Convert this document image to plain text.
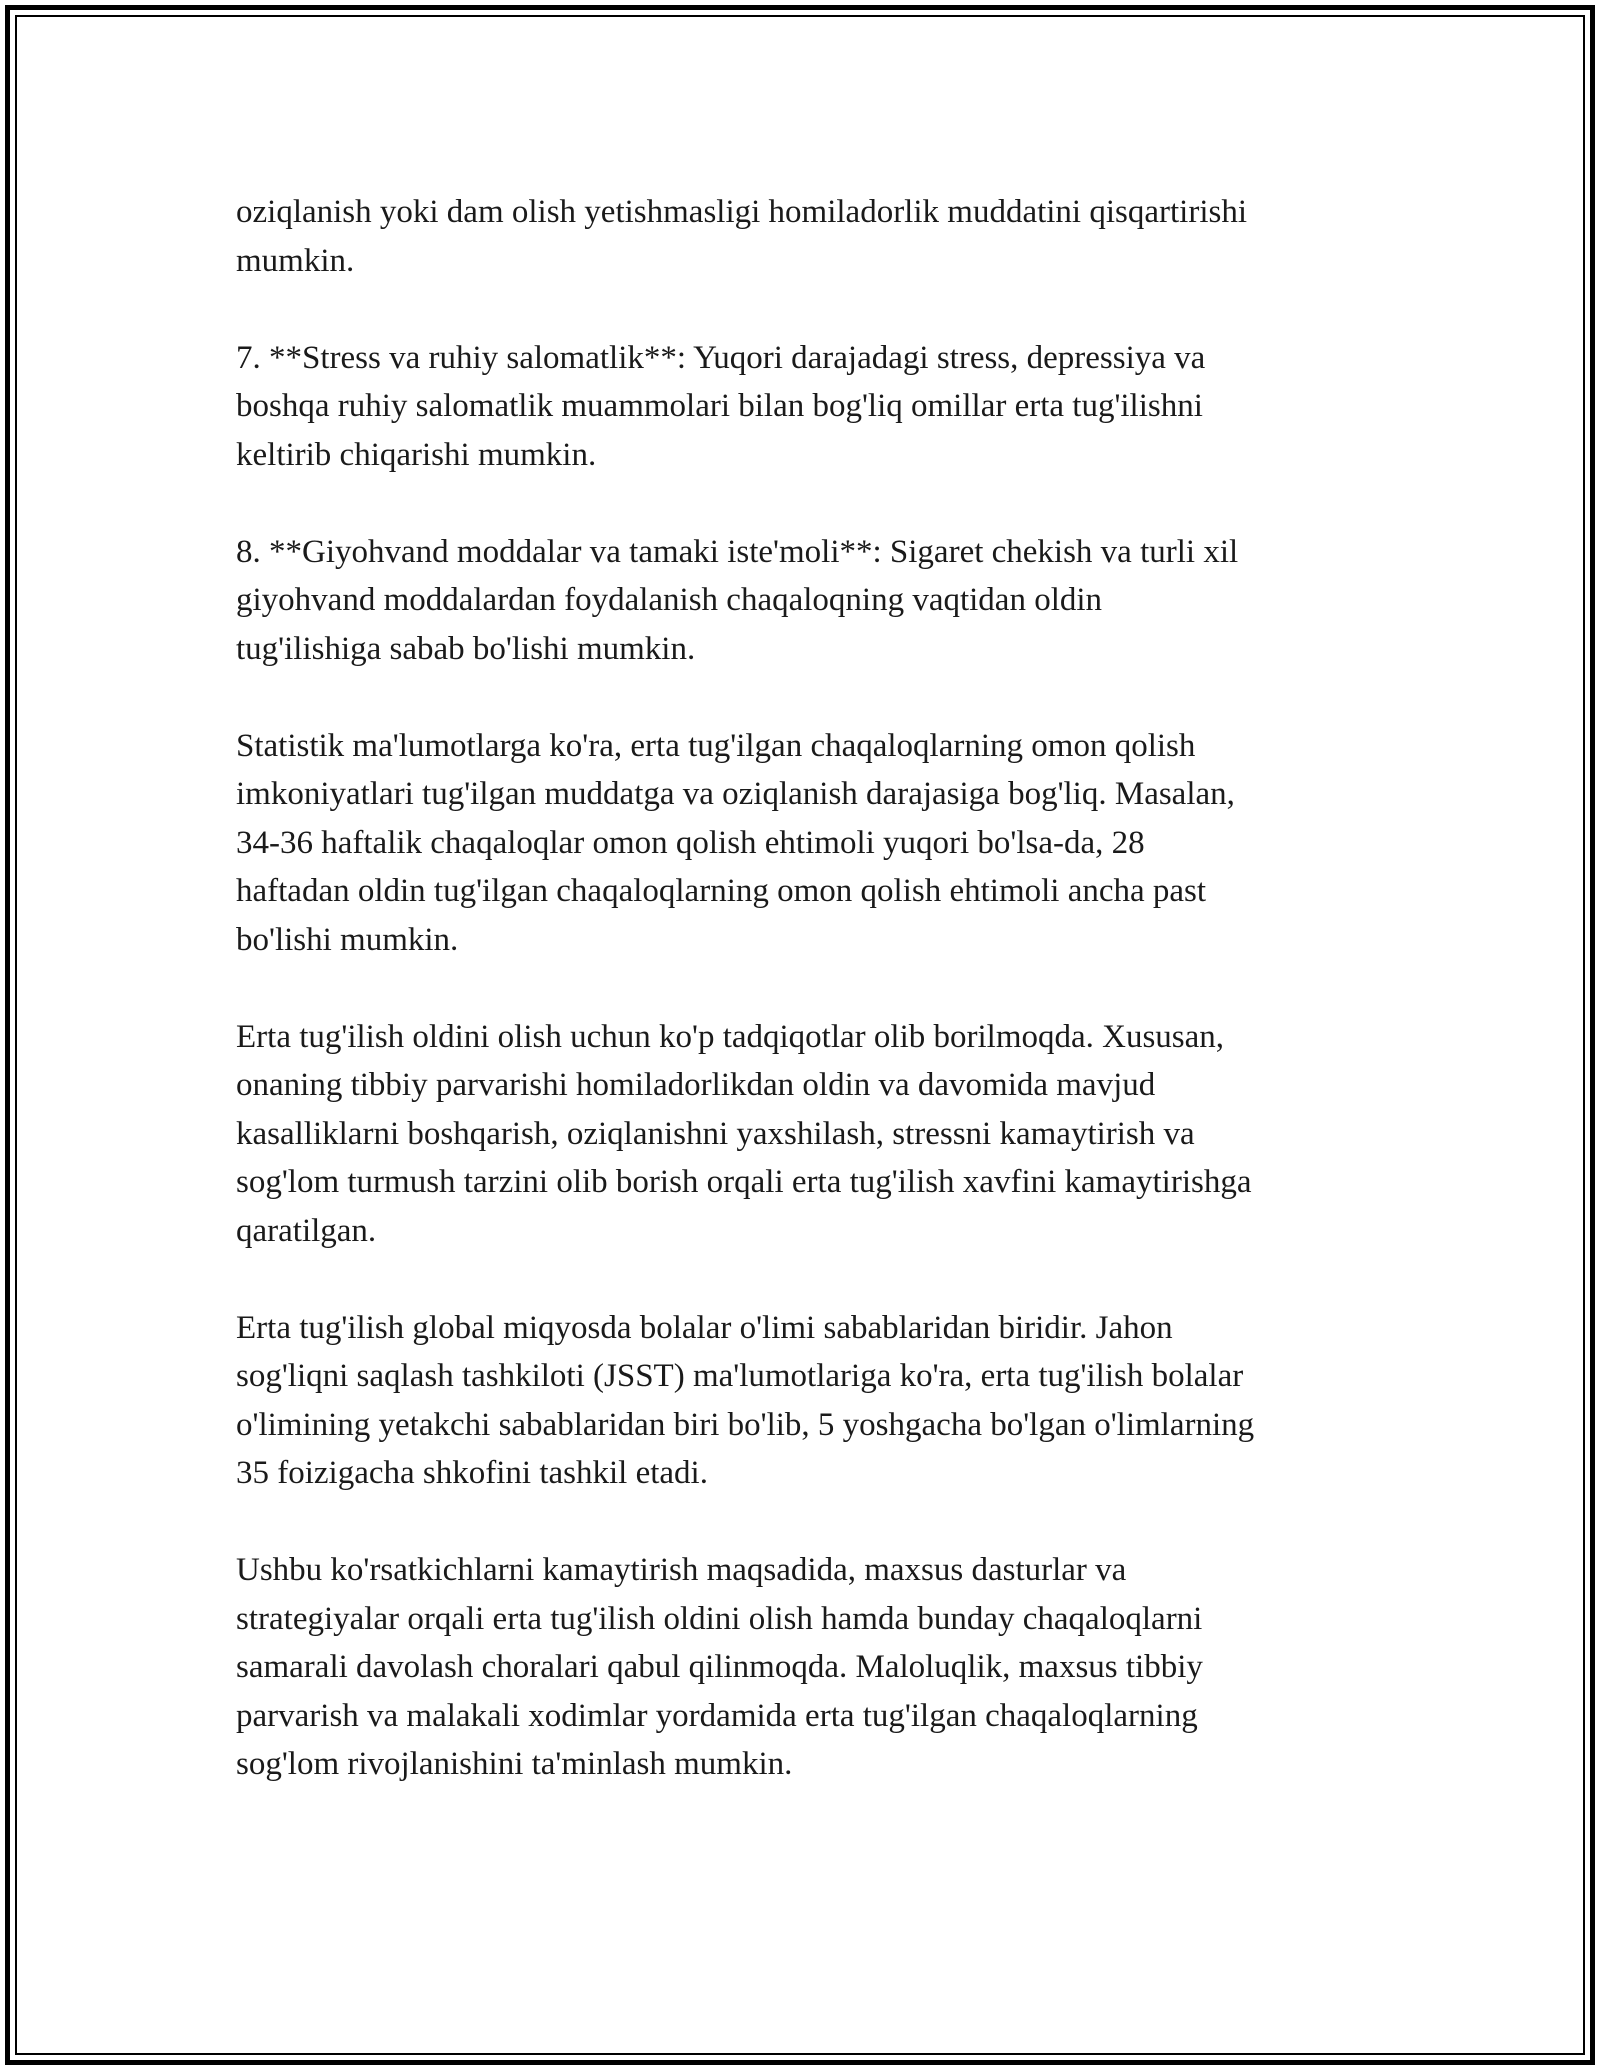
oziqlanish yoki dam olish yetishmasligi homiladorlik muddatini qisqartirishi
mumkin.

7. **Stress va ruhiy salomatlik**: Yuqori darajadagi stress, depressiya va
boshqa ruhiy salomatlik muammolari bilan bog'liq omillar erta tug'ilishni
keltirib chiqarishi mumkin.

8. **Giyohvand moddalar va tamaki iste'moli**: Sigaret chekish va turli xil
giyohvand moddalardan foydalanish chaqaloqning vaqtidan oldin
tug'ilishiga sabab bo'lishi mumkin.

Statistik ma'lumotlarga ko'ra, erta tug'ilgan chaqaloqlarning omon qolish
imkoniyatlari tug'ilgan muddatga va oziqlanish darajasiga bog'liq. Masalan,
34-36 haftalik chaqaloqlar omon qolish ehtimoli yuqori bo'lsa-da, 28
haftadan oldin tug'ilgan chaqaloqlarning omon qolish ehtimoli ancha past
bo'lishi mumkin.

Erta tug'ilish oldini olish uchun ko'p tadqiqotlar olib borilmoqda. Xususan,
onaning tibbiy parvarishi homiladorlikdan oldin va davomida mavjud
kasalliklarni boshqarish, oziqlanishni yaxshilash, stressni kamaytirish va
sog'lom turmush tarzini olib borish orqali erta tug'ilish xavfini kamaytirishga
qaratilgan.

Erta tug'ilish global miqyosda bolalar o'limi sabablaridan biridir. Jahon
sog'liqni saqlash tashkiloti (JSST) ma'lumotlariga ko'ra, erta tug'ilish bolalar
o'limining yetakchi sabablaridan biri bo'lib, 5 yoshgacha bo'lgan o'limlarning
35 foizigacha shkofini tashkil etadi.

Ushbu ko'rsatkichlarni kamaytirish maqsadida, maxsus dasturlar va
strategiyalar orqali erta tug'ilish oldini olish hamda bunday chaqaloqlarni
samarali davolash choralari qabul qilinmoqda. Maloluqlik, maxsus tibbiy
parvarish va malakali xodimlar yordamida erta tug'ilgan chaqaloqlarning
sog'lom rivojlanishini ta'minlash mumkin.
